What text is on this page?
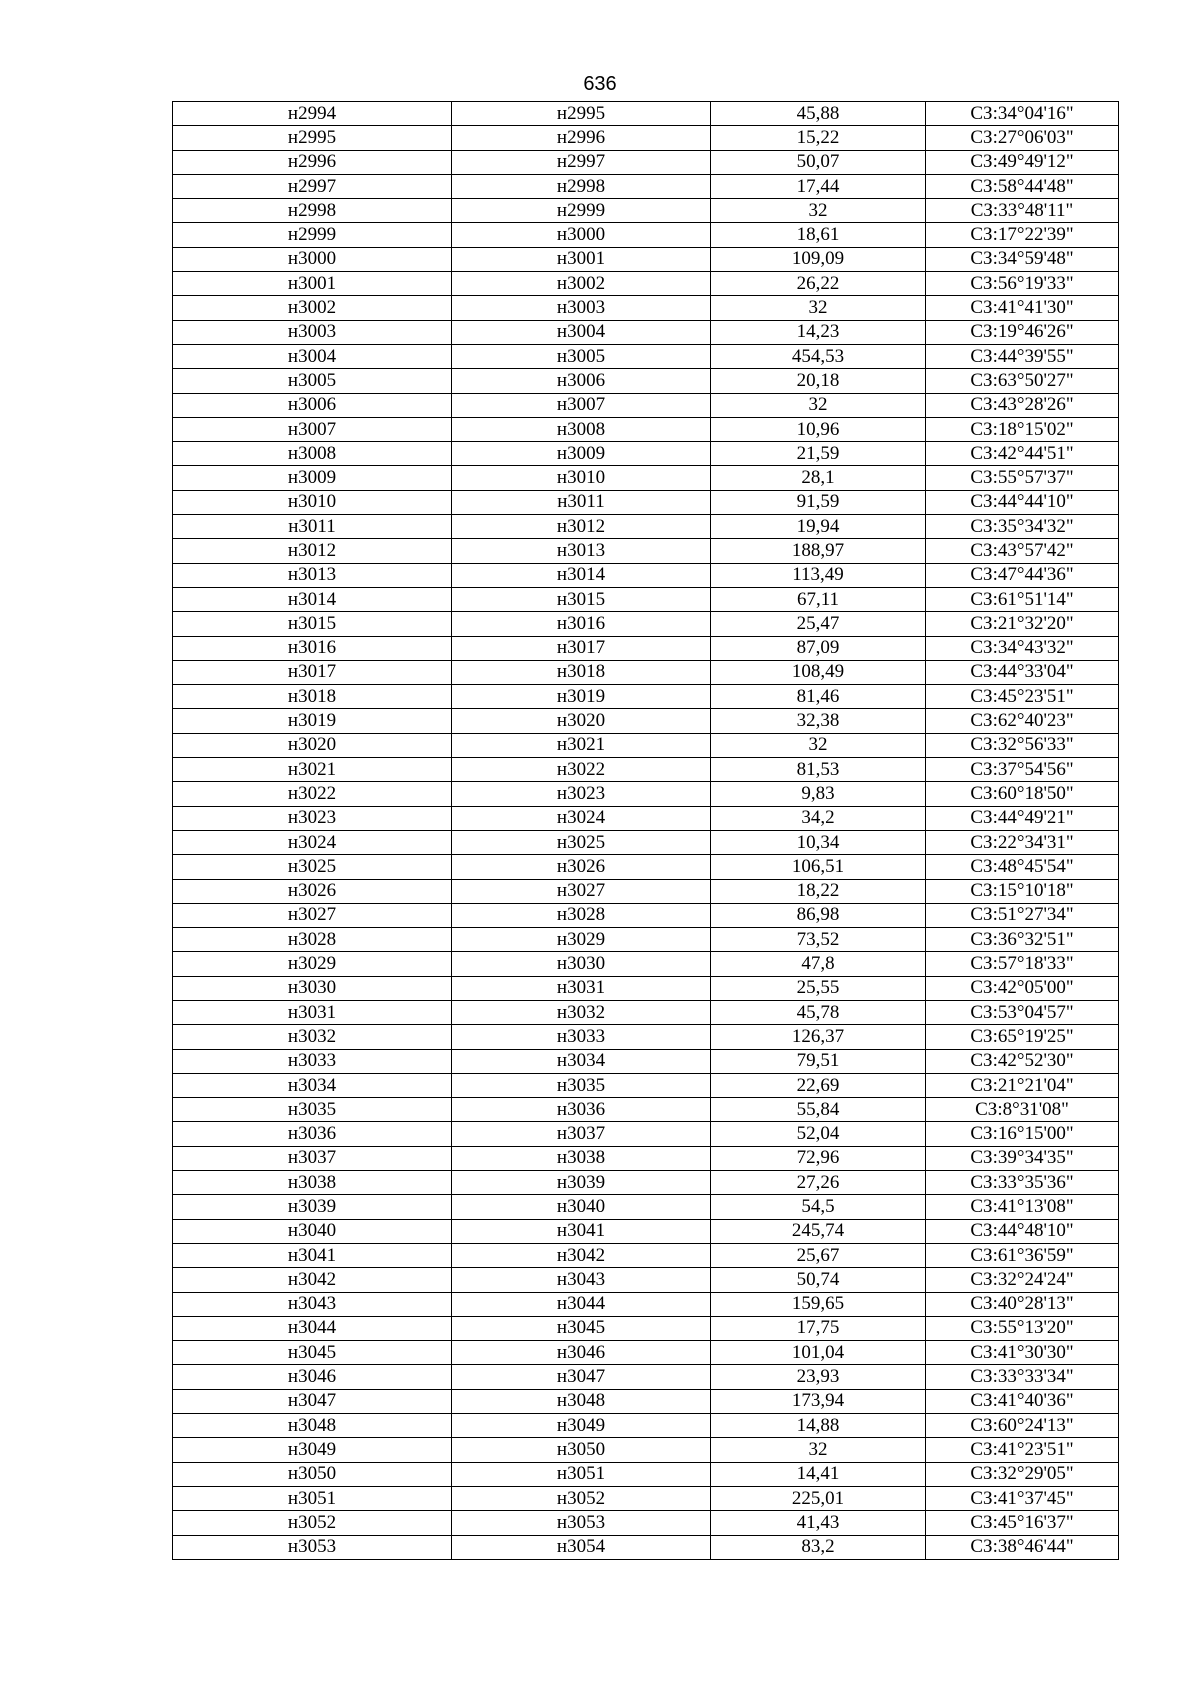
636
н2994	н2995	45,88	СЗ:34°04'16"
н2995	н2996	15,22	СЗ:27°06'03"
н2996	н2997	50,07	СЗ:49°49'12"
н2997	н2998	17,44	СЗ:58°44'48"
н2998	н2999	32	СЗ:33°48'11"
н2999	н3000	18,61	СЗ:17°22'39"
н3000	н3001	109,09	СЗ:34°59'48"
н3001	н3002	26,22	СЗ:56°19'33"
н3002	н3003	32	СЗ:41°41'30"
н3003	н3004	14,23	СЗ:19°46'26"
н3004	н3005	454,53	СЗ:44°39'55"
н3005	н3006	20,18	СЗ:63°50'27"
н3006	н3007	32	СЗ:43°28'26"
н3007	н3008	10,96	СЗ:18°15'02"
н3008	н3009	21,59	СЗ:42°44'51"
н3009	н3010	28,1	СЗ:55°57'37"
н3010	н3011	91,59	СЗ:44°44'10"
н3011	н3012	19,94	СЗ:35°34'32"
н3012	н3013	188,97	СЗ:43°57'42"
н3013	н3014	113,49	СЗ:47°44'36"
н3014	н3015	67,11	СЗ:61°51'14"
н3015	н3016	25,47	СЗ:21°32'20"
н3016	н3017	87,09	СЗ:34°43'32"
н3017	н3018	108,49	СЗ:44°33'04"
н3018	н3019	81,46	СЗ:45°23'51"
н3019	н3020	32,38	СЗ:62°40'23"
н3020	н3021	32	СЗ:32°56'33"
н3021	н3022	81,53	СЗ:37°54'56"
н3022	н3023	9,83	СЗ:60°18'50"
н3023	н3024	34,2	СЗ:44°49'21"
н3024	н3025	10,34	СЗ:22°34'31"
н3025	н3026	106,51	СЗ:48°45'54"
н3026	н3027	18,22	СЗ:15°10'18"
н3027	н3028	86,98	СЗ:51°27'34"
н3028	н3029	73,52	СЗ:36°32'51"
н3029	н3030	47,8	СЗ:57°18'33"
н3030	н3031	25,55	СЗ:42°05'00"
н3031	н3032	45,78	СЗ:53°04'57"
н3032	н3033	126,37	СЗ:65°19'25"
н3033	н3034	79,51	СЗ:42°52'30"
н3034	н3035	22,69	СЗ:21°21'04"
н3035	н3036	55,84	СЗ:8°31'08"
н3036	н3037	52,04	СЗ:16°15'00"
н3037	н3038	72,96	СЗ:39°34'35"
н3038	н3039	27,26	СЗ:33°35'36"
н3039	н3040	54,5	СЗ:41°13'08"
н3040	н3041	245,74	СЗ:44°48'10"
н3041	н3042	25,67	СЗ:61°36'59"
н3042	н3043	50,74	СЗ:32°24'24"
н3043	н3044	159,65	СЗ:40°28'13"
н3044	н3045	17,75	СЗ:55°13'20"
н3045	н3046	101,04	СЗ:41°30'30"
н3046	н3047	23,93	СЗ:33°33'34"
н3047	н3048	173,94	СЗ:41°40'36"
н3048	н3049	14,88	СЗ:60°24'13"
н3049	н3050	32	СЗ:41°23'51"
н3050	н3051	14,41	СЗ:32°29'05"
н3051	н3052	225,01	СЗ:41°37'45"
н3052	н3053	41,43	СЗ:45°16'37"
н3053	н3054	83,2	СЗ:38°46'44"
